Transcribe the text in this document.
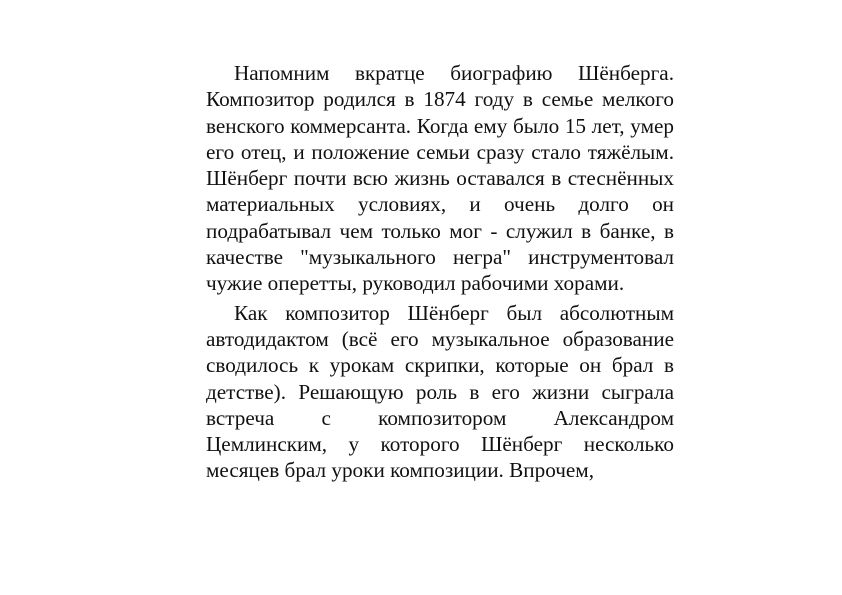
Напомним вкратце биографию Шёнберга. Композитор родился в 1874 году в семье мелкого венского коммерсанта. Когда ему было 15 лет, умер его отец, и положение семьи сразу стало тяжёлым. Шёнберг почти всю жизнь оставался в стеснённых материальных условиях, и очень долго он подрабатывал чем только мог - служил в банке, в качестве "музыкального негра" инструментовал чужие оперетты, руководил рабочими хорами.

Как композитор Шёнберг был абсолютным автодидактом (всё его музыкальное образование сводилось к урокам скрипки, которые он брал в детстве). Решающую роль в его жизни сыграла встреча с композитором Александром Цемлинским, у которого Шёнберг несколько месяцев брал уроки композиции. Впрочем,
